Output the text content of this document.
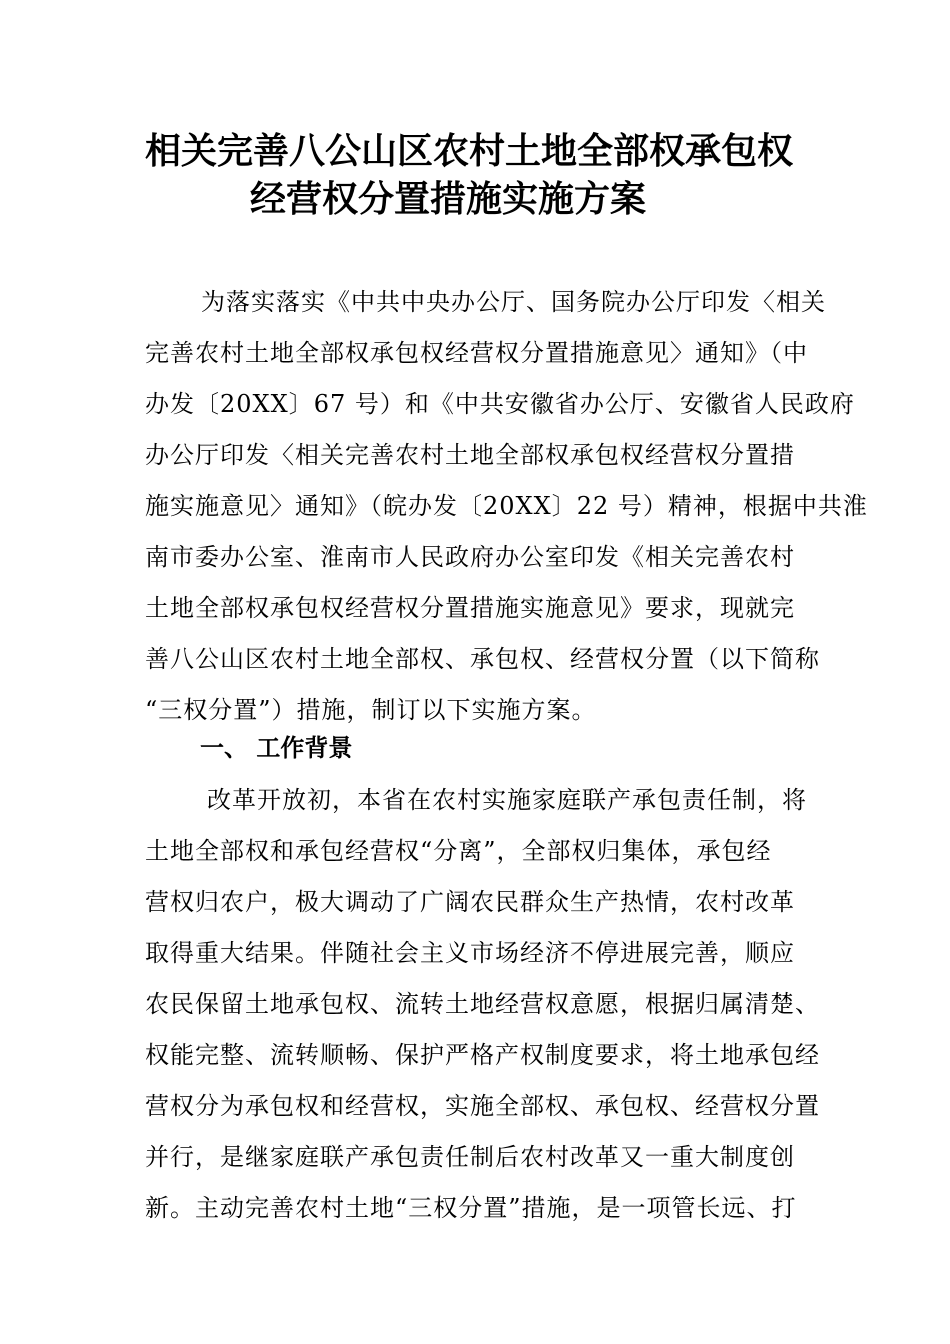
相关完善八公山区农村土地全部权承包权
经营权分置措施实施方案
为落实落实《中共中央办公厅、国务院办公厅印发〈相关
完善农村土地全部权承包权经营权分置措施意见〉通知》（中
办发〔20XX〕67 号）和《中共安徽省办公厅、安徽省人民政府
办公厅印发〈相关完善农村土地全部权承包权经营权分置措
施实施意见〉通知》（皖办发〔20XX〕22 号）精神，根据中共淮
南市委办公室、淮南市人民政府办公室印发《相关完善农村
土地全部权承包权经营权分置措施实施意见》要求，现就完
善八公山区农村土地全部权、承包权、经营权分置（以下简称
“三权分置”）措施，制订以下实施方案。
一、 工作背景
改革开放初，本省在农村实施家庭联产承包责任制，将
土地全部权和承包经营权“分离”，全部权归集体，承包经
营权归农户，极大调动了广阔农民群众生产热情，农村改革
取得重大结果。伴随社会主义市场经济不停进展完善，顺应
农民保留土地承包权、流转土地经营权意愿，根据归属清楚、
权能完整、流转顺畅、保护严格产权制度要求，将土地承包经
营权分为承包权和经营权，实施全部权、承包权、经营权分置
并行，是继家庭联产承包责任制后农村改革又一重大制度创
新。主动完善农村土地“三权分置”措施，是一项管长远、打
